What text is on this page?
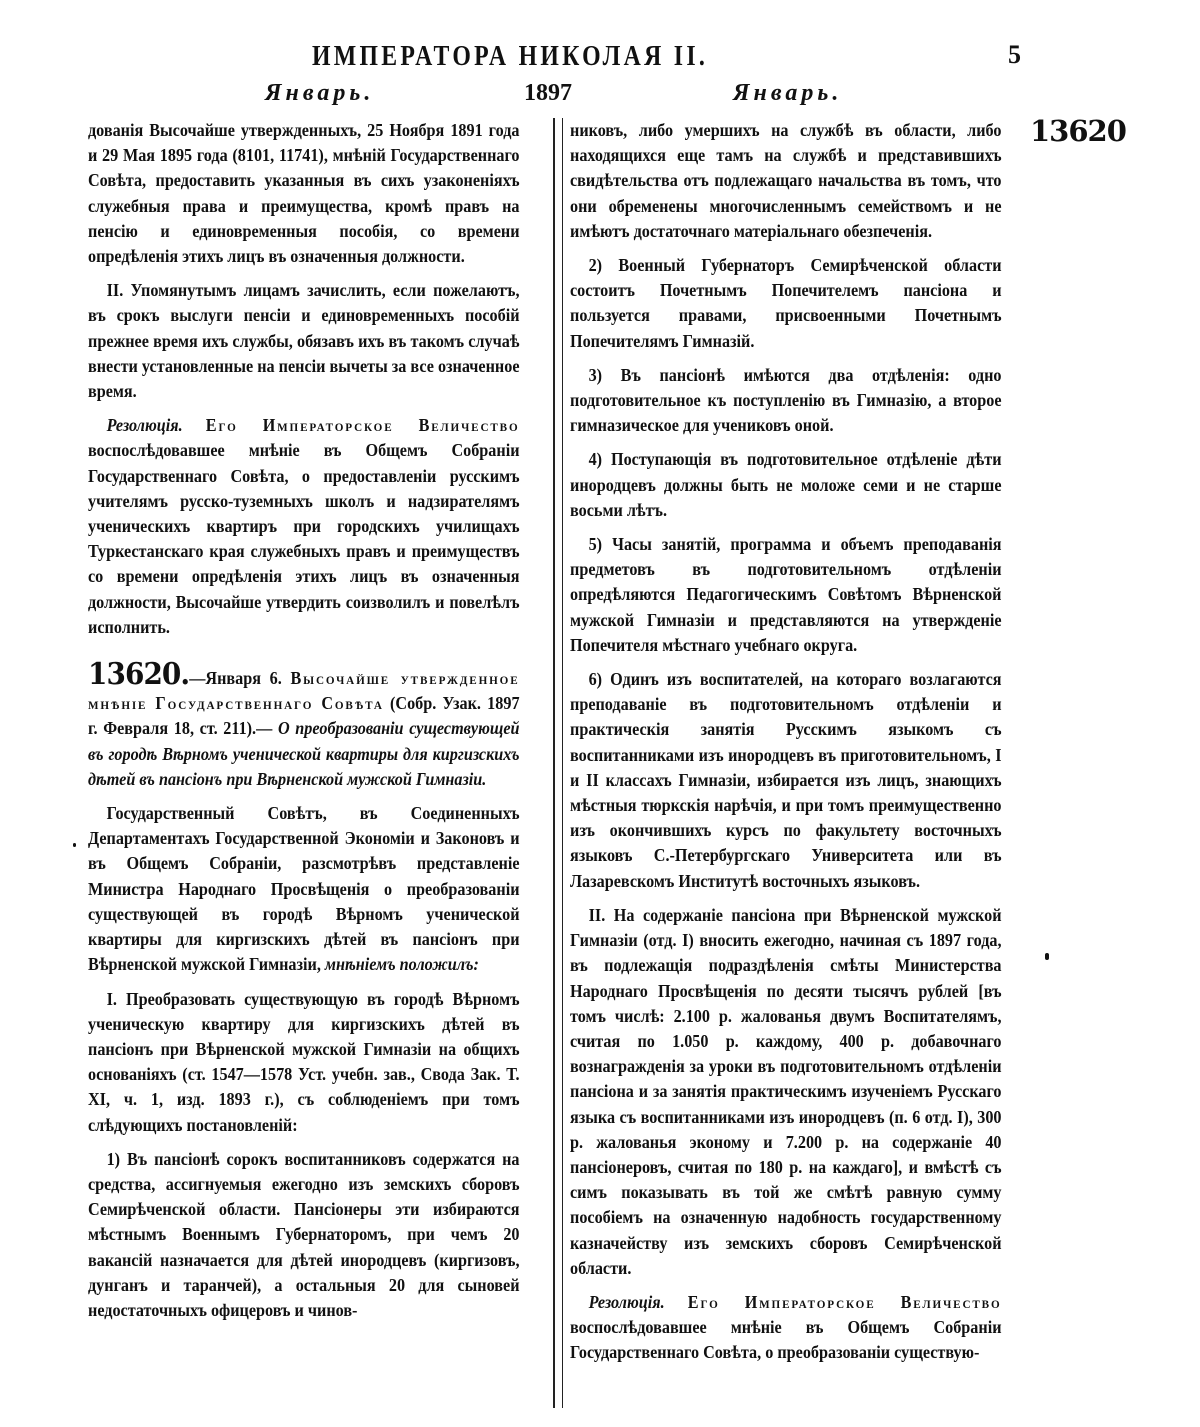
ИМПЕРАТОРА НИКОЛАЯ II.	5
Январь.	1897	Январь.
13620

дованія Высочайше утвержденныхъ, 25 Ноября 1891 года и 29 Мая 1895 года (8101, 11741), мнѣній Государственнаго Совѣта, предоставить указанныя въ сихъ узаконеніяхъ служебныя права и преимущества, кромѣ правъ на пенсію и единовременныя пособія, со времени опредѣленія этихъ лицъ въ означенныя должности.

II. Упомянутымъ лицамъ зачислить, если пожелаютъ, въ срокъ выслуги пенсіи и единовременныхъ пособій прежнее время ихъ службы, обязавъ ихъ въ такомъ случаѣ внести установленные на пенсіи вычеты за все означенное время.

Резолюція. Его Императорское Величество воспослѣдовавшее мнѣніе въ Общемъ Собраніи Государственнаго Совѣта, о предоставленіи русскимъ учителямъ русско-туземныхъ школъ и надзирателямъ ученическихъ квартиръ при городскихъ училищахъ Туркестанскаго края служебныхъ правъ и преимуществъ со времени опредѣленія этихъ лицъ въ означенныя должности, Высочайше утвердить соизволилъ и повелѣлъ исполнить.

13620.—Января 6. Высочайше утвержденное мнѣніе Государственнаго Совѣта (Собр. Узак. 1897 г. Февраля 18, ст. 211).— О преобразованіи существующей въ городѣ Вѣрномъ ученической квартиры для киргизскихъ дѣтей въ пансіонъ при Вѣрненской мужской Гимназіи.

Государственный Совѣтъ, въ Соединенныхъ Департаментахъ Государственной Экономіи и Законовъ и въ Общемъ Собраніи, разсмотрѣвъ представленіе Министра Народнаго Просвѣщенія о преобразованіи существующей въ городѣ Вѣрномъ ученической квартиры для киргизскихъ дѣтей въ пансіонъ при Вѣрненской мужской Гимназіи, мнѣніемъ положилъ:

I. Преобразовать существующую въ городѣ Вѣрномъ ученическую квартиру для киргизскихъ дѣтей въ пансіонъ при Вѣрненской мужской Гимназіи на общихъ основаніяхъ (ст. 1547—1578 Уст. учебн. зав., Свода Зак. Т. XI, ч. 1, изд. 1893 г.), съ соблюденіемъ при томъ слѣдующихъ постановленій:

1) Въ пансіонѣ сорокъ воспитанниковъ содержатся на средства, ассигнуемыя ежегодно изъ земскихъ сборовъ Семирѣченской области. Пансіонеры эти избираются мѣстнымъ Военнымъ Губернаторомъ, при чемъ 20 вакансій назначается для дѣтей инородцевъ (киргизовъ, дунганъ и таранчей), а остальныя 20 для сыновей недостаточныхъ офицеровъ и чинов-

никовъ, либо умершихъ на службѣ въ области, либо находящихся еще тамъ на службѣ и представившихъ свидѣтельства отъ подлежащаго начальства въ томъ, что они обременены многочисленнымъ семействомъ и не имѣютъ достаточнаго матеріальнаго обезпеченія.

2) Военный Губернаторъ Семирѣченской области состоитъ Почетнымъ Попечителемъ пансіона и пользуется правами, присвоенными Почетнымъ Попечителямъ Гимназій.

3) Въ пансіонѣ имѣются два отдѣленія: одно подготовительное къ поступленію въ Гимназію, а второе гимназическое для учениковъ оной.

4) Поступающія въ подготовительное отдѣленіе дѣти инородцевъ должны быть не моложе семи и не старше восьми лѣтъ.

5) Часы занятій, программа и объемъ преподаванія предметовъ въ подготовительномъ отдѣленіи опредѣляются Педагогическимъ Совѣтомъ Вѣрненской мужской Гимназіи и представляются на утвержденіе Попечителя мѣстнаго учебнаго округа.

6) Одинъ изъ воспитателей, на котораго возлагаются преподаваніе въ подготовительномъ отдѣленіи и практическія занятія Русскимъ языкомъ съ воспитанниками изъ инородцевъ въ приготовительномъ, I и II классахъ Гимназіи, избирается изъ лицъ, знающихъ мѣстныя тюркскія нарѣчія, и при томъ преимущественно изъ окончившихъ курсъ по факультету восточныхъ языковъ С.-Петербургскаго Университета или въ Лазаревскомъ Институтѣ восточныхъ языковъ.

II. На содержаніе пансіона при Вѣрненской мужской Гимназіи (отд. I) вносить ежегодно, начиная съ 1897 года, въ подлежащія подраздѣленія смѣты Министерства Народнаго Просвѣщенія по десяти тысячъ рублей [въ томъ числѣ: 2.100 р. жалованья двумъ Воспитателямъ, считая по 1.050 р. каждому, 400 р. добавочнаго вознагражденія за уроки въ подготовительномъ отдѣленіи пансіона и за занятія практическимъ изученіемъ Русскаго языка съ воспитанниками изъ инородцевъ (п. 6 отд. I), 300 р. жалованья эконому и 7.200 р. на содержаніе 40 пансіонеровъ, считая по 180 р. на каждаго], и вмѣстѣ съ симъ показывать въ той же смѣтѣ равную сумму пособіемъ на означенную надобность государственному казначейству изъ земскихъ сборовъ Семирѣченской области.

Резолюція. Его Императорское Величество воспослѣдовавшее мнѣніе въ Общемъ Собраніи Государственнаго Совѣта, о преобразованіи существую-
